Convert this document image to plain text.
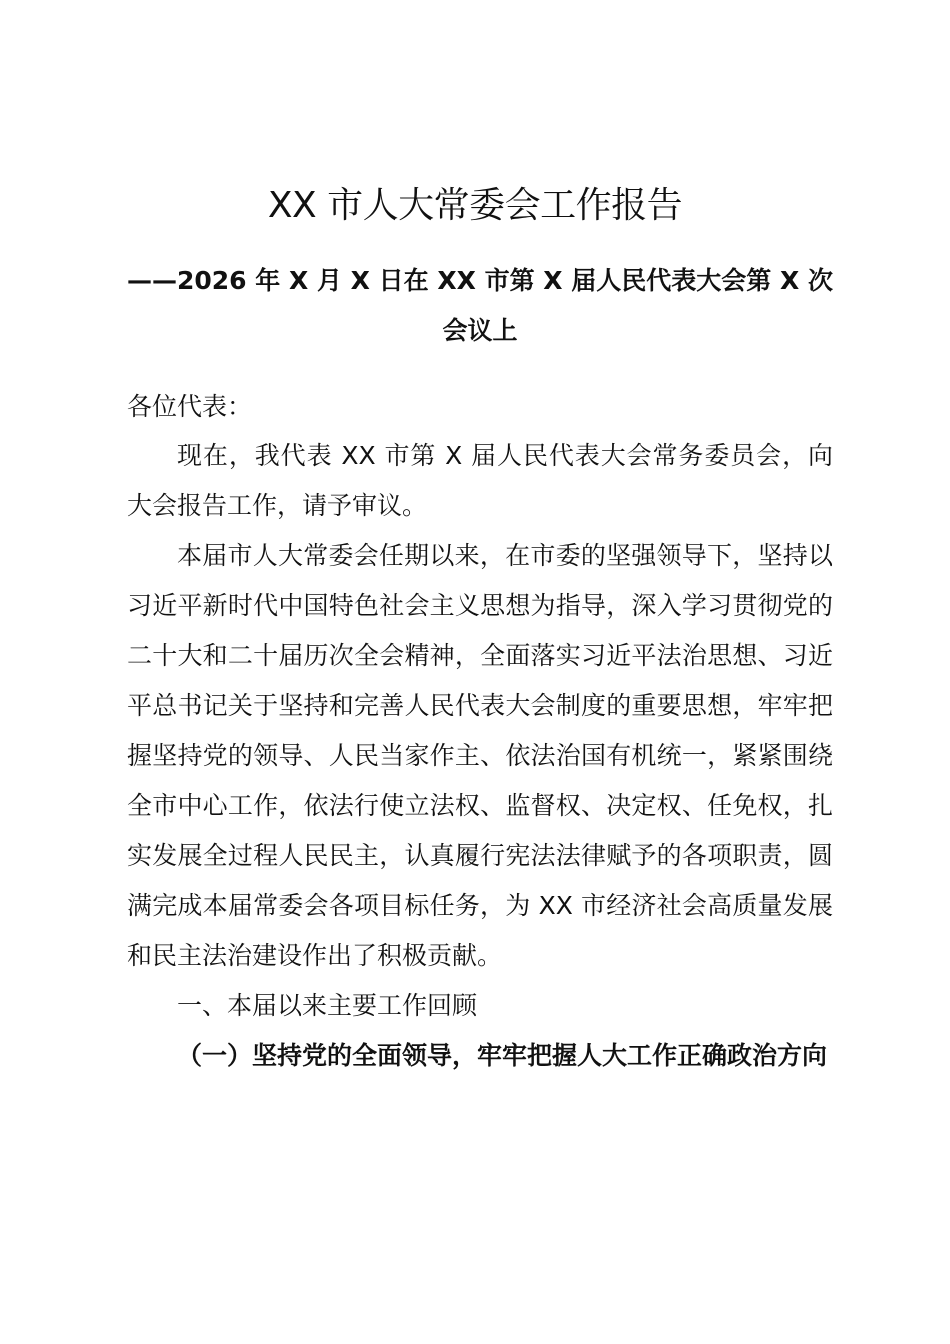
XX 市人大常委会工作报告
——2026 年 X 月 X 日在 XX 市第 X 届人民代表大会第 X 次会议上
各位代表：
现在，我代表 XX 市第 X 届人民代表大会常务委员会，向大会报告工作，请予审议。
本届市人大常委会任期以来，在市委的坚强领导下，坚持以习近平新时代中国特色社会主义思想为指导，深入学习贯彻党的二十大和二十届历次全会精神，全面落实习近平法治思想、习近平总书记关于坚持和完善人民代表大会制度的重要思想，牢牢把握坚持党的领导、人民当家作主、依法治国有机统一，紧紧围绕全市中心工作，依法行使立法权、监督权、决定权、任免权，扎实发展全过程人民民主，认真履行宪法法律赋予的各项职责，圆满完成本届常委会各项目标任务，为 XX 市经济社会高质量发展和民主法治建设作出了积极贡献。
一、本届以来主要工作回顾
（一）坚持党的全面领导，牢牢把握人大工作正确政治方向
